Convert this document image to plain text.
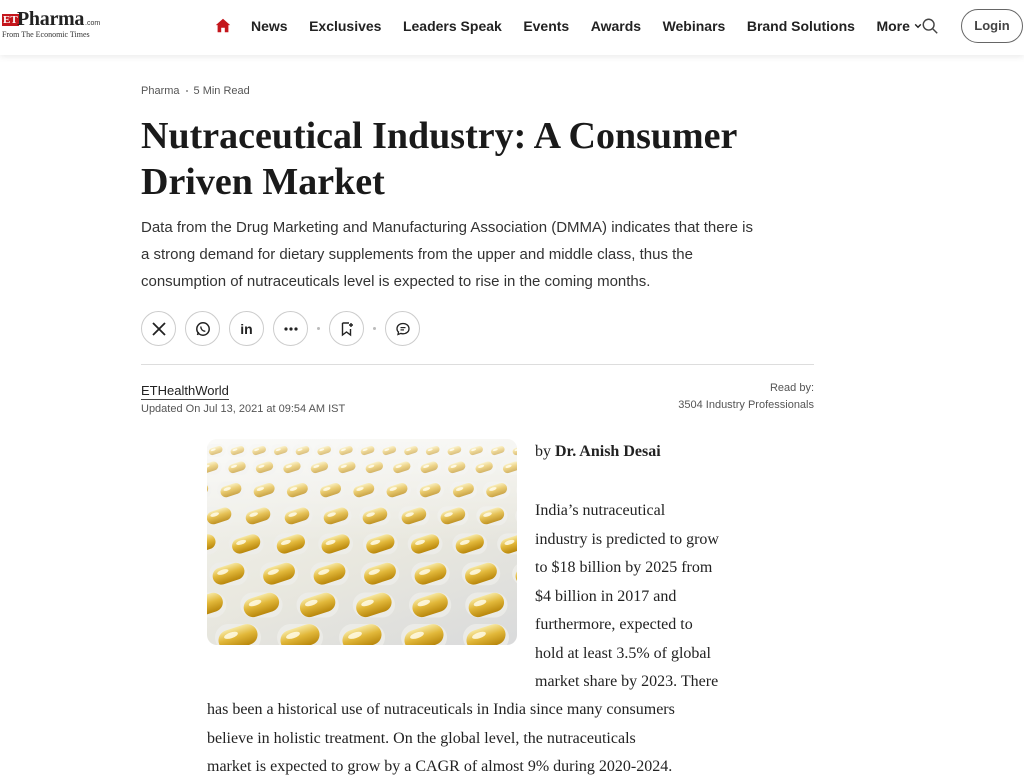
ET Pharma .com
From The Economic Times
News Exclusives Leaders Speak Events Awards Webinars Brand Solutions More	Login
Pharma 5 Min Read
Nutraceutical Industry: A Consumer
Driven Market

Data from the Drug Marketing and Manufacturing Association (DMMA) indicates that there is
a strong demand for dietary supplements from the upper and middle class, thus the
consumption of nutraceuticals level is expected to rise in the coming months.

in
ETHealthWorld
Updated On Jul 13, 2021 at 09:54 AM IST
Read by:
3504 Industry Professionals
by Dr. Anish Desai
India’s nutraceutical
industry is predicted to grow
to $18 billion by 2025 from
$4 billion in 2017 and
furthermore, expected to
hold at least 3.5% of global
market share by 2023. There
has been a historical use of nutraceuticals in India since many consumers
believe in holistic treatment. On the global level, the nutraceuticals
market is expected to grow by a CAGR of almost 9% during 2020-2024.
